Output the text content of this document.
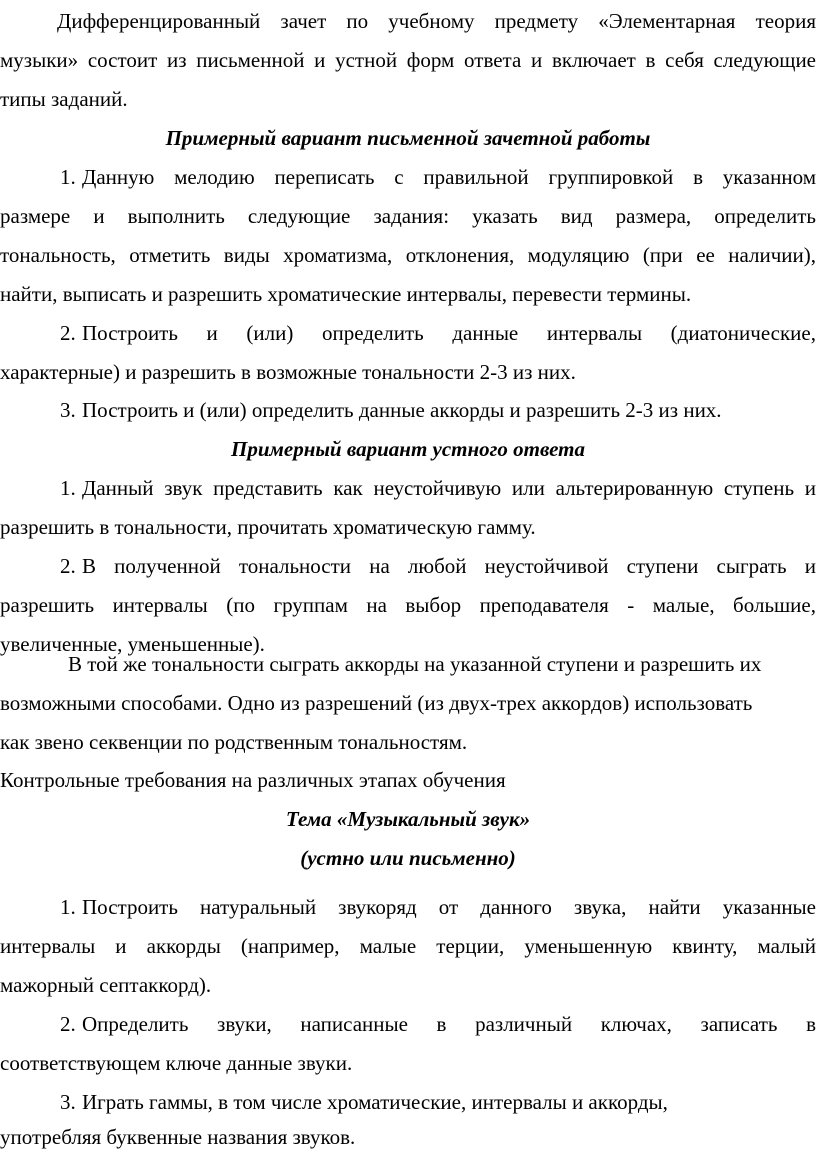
Дифференцированный зачет по учебному предмету «Элементарная теория
музыки» состоит из письменной и устной форм ответа и включает в себя следующие
типы заданий.
Примерный вариант письменной зачетной работы
1. Данную мелодию переписать с правильной группировкой в указанном
размере и выполнить следующие задания: указать вид размера, определить
тональность, отметить виды хроматизма, отклонения, модуляцию (при ее наличии),
найти, выписать и разрешить хроматические интервалы, перевести термины.
2. Построить и (или) определить данные интервалы (диатонические,
характерные) и разрешить в возможные тональности 2-3 из них.
3. Построить и (или) определить данные аккорды и разрешить 2-3 из них.
Примерный вариант устного ответа
1. Данный звук представить как неустойчивую или альтерированную ступень и
разрешить в тональности, прочитать хроматическую гамму.
2. В полученной тональности на любой неустойчивой ступени сыграть и
разрешить интервалы (по группам на выбор преподавателя - малые, большие,
увеличенные, уменьшенные).
В той же тональности сыграть аккорды на указанной ступени и разрешить их
возможными способами. Одно из разрешений (из двух-трех аккордов) использовать
как звено секвенции по родственным тональностям.
Контрольные требования на различных этапах обучения
Тема «Музыкальный звук»
(устно или письменно)
1. Построить натуральный звукоряд от данного звука, найти указанные
интервалы и аккорды (например, малые терции, уменьшенную квинту, малый
мажорный септаккорд).
2. Определить звуки, написанные в различный ключах, записать в
соответствующем ключе данные звуки.
3. Играть гаммы, в том числе хроматические, интервалы и аккорды,
употребляя буквенные названия звуков.
